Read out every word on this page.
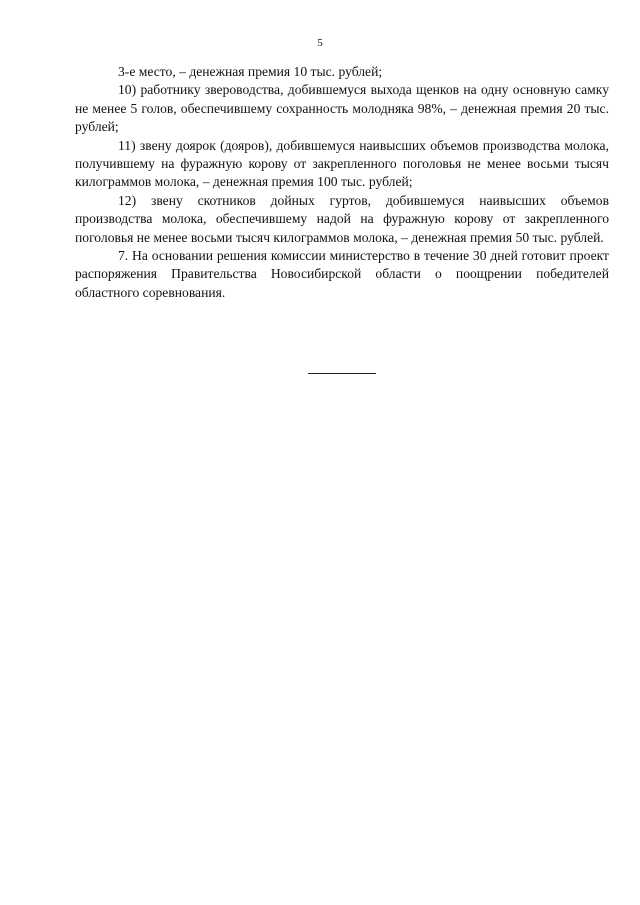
5

3-е место, – денежная премия 10 тыс. рублей;

10) работнику звероводства, добившемуся выхода щенков на одну основную самку не менее 5 голов, обеспечившему сохранность молодняка 98%, – денежная премия 20 тыс. рублей;

11) звену доярок (дояров), добившемуся наивысших объемов производства молока, получившему на фуражную корову от закрепленного поголовья не менее восьми тысяч килограммов молока, – денежная премия 100 тыс. рублей;

12) звену скотников дойных гуртов, добившемуся наивысших объемов производства молока, обеспечившему надой на фуражную корову от закрепленного поголовья не менее восьми тысяч килограммов молока, – денежная премия 50 тыс. рублей.

7. На основании решения комиссии министерство в течение 30 дней готовит проект распоряжения Правительства Новосибирской области о поощрении победителей областного соревнования.
